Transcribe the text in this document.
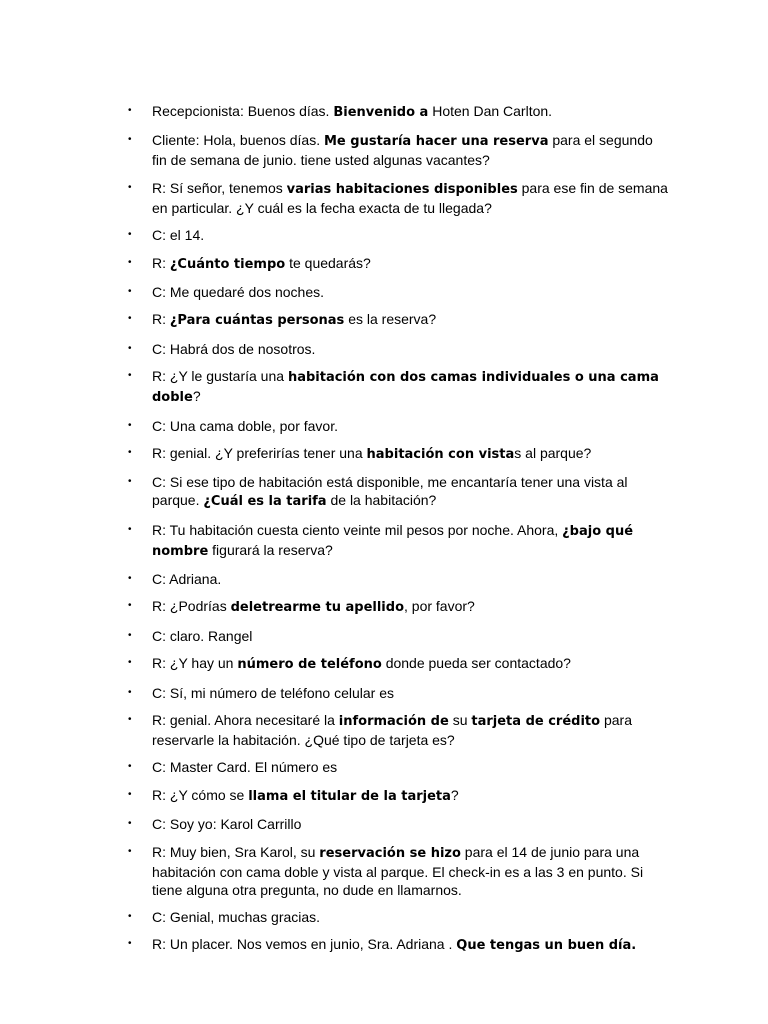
• Recepcionista: Buenos días. Bienvenido a Hoten Dan Carlton.
• Cliente: Hola, buenos días. Me gustaría hacer una reserva para el segundo fin de semana de junio. tiene usted algunas vacantes?
• R: Sí señor, tenemos varias habitaciones disponibles para ese fin de semana en particular. ¿Y cuál es la fecha exacta de tu llegada?
• C: el 14.
• R: ¿Cuánto tiempo te quedarás?
• C: Me quedaré dos noches.
• R: ¿Para cuántas personas es la reserva?
• C: Habrá dos de nosotros.
• R: ¿Y le gustaría una habitación con dos camas individuales o una cama doble?
• C: Una cama doble, por favor.
• R: genial. ¿Y preferirías tener una habitación con vistas al parque?
• C: Si ese tipo de habitación está disponible, me encantaría tener una vista al parque. ¿Cuál es la tarifa de la habitación?
• R: Tu habitación cuesta ciento veinte mil pesos por noche. Ahora, ¿bajo qué nombre figurará la reserva?
• C: Adriana.
• R: ¿Podrías deletrearme tu apellido, por favor?
• C: claro. Rangel
• R: ¿Y hay un número de teléfono donde pueda ser contactado?
• C: Sí, mi número de teléfono celular es
• R: genial. Ahora necesitaré la información de su tarjeta de crédito para reservarle la habitación. ¿Qué tipo de tarjeta es?
• C: Master Card. El número es
• R: ¿Y cómo se llama el titular de la tarjeta?
• C: Soy yo: Karol Carrillo
• R: Muy bien, Sra Karol, su reservación se hizo para el 14 de junio para una habitación con cama doble y vista al parque. El check-in es a las 3 en punto. Si tiene alguna otra pregunta, no dude en llamarnos.
• C: Genial, muchas gracias.
• R: Un placer. Nos vemos en junio, Sra. Adriana . Que tengas un buen día.
